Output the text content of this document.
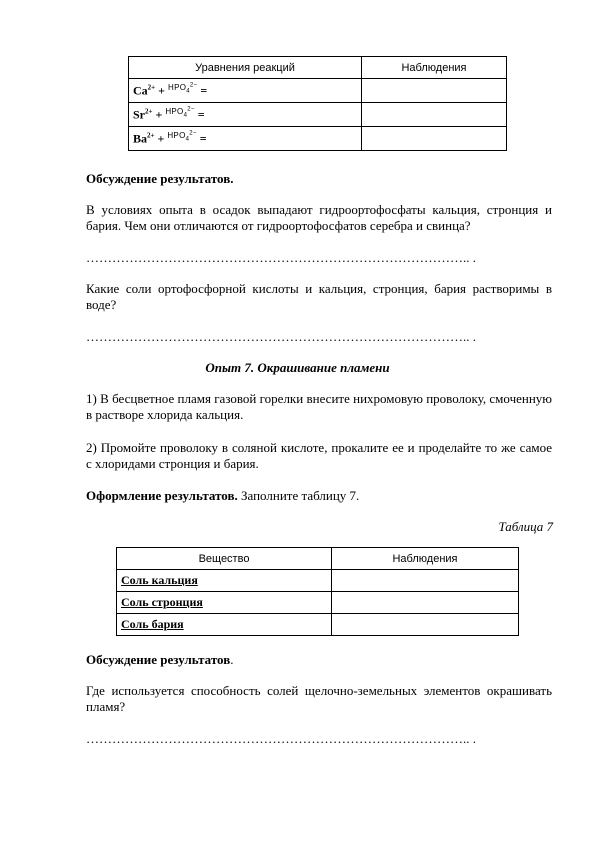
Уравнения реакций	Наблюдения
$Ca^{2+} + ^{HPO_4^{2-}}$ =	
$Sr^{2+} + ^{HPO_4^{2-}}$ =	
$Ba^{2+} + ^{HPO_4^{2-}}$ =	

Обсуждение результатов.

В условиях опыта в осадок выпадают гидроортофосфаты кальция, стронция и бария. Чем они отличаются от гидроортофосфатов серебра и свинца?

…………………………………………………………………………….. .

Какие соли ортофосфорной кислоты и кальция, стронция, бария растворимы в воде?

…………………………………………………………………………….. .
Опыт 7. Окрашивание пламени

1) В бесцветное пламя газовой горелки внесите нихромовую проволоку, смоченную в растворе хлорида кальция.

2) Промойте проволоку в соляной кислоте, прокалите ее и проделайте то же самое с хлоридами стронция и бария.

Оформление результатов. Заполните таблицу 7.

Таблица 7
Вещество	Наблюдения
Соль кальция	
Соль стронция	
Соль бария	

Обсуждение результатов.

Где используется способность солей щелочно-земельных элементов окрашивать пламя?

…………………………………………………………………………….. .
